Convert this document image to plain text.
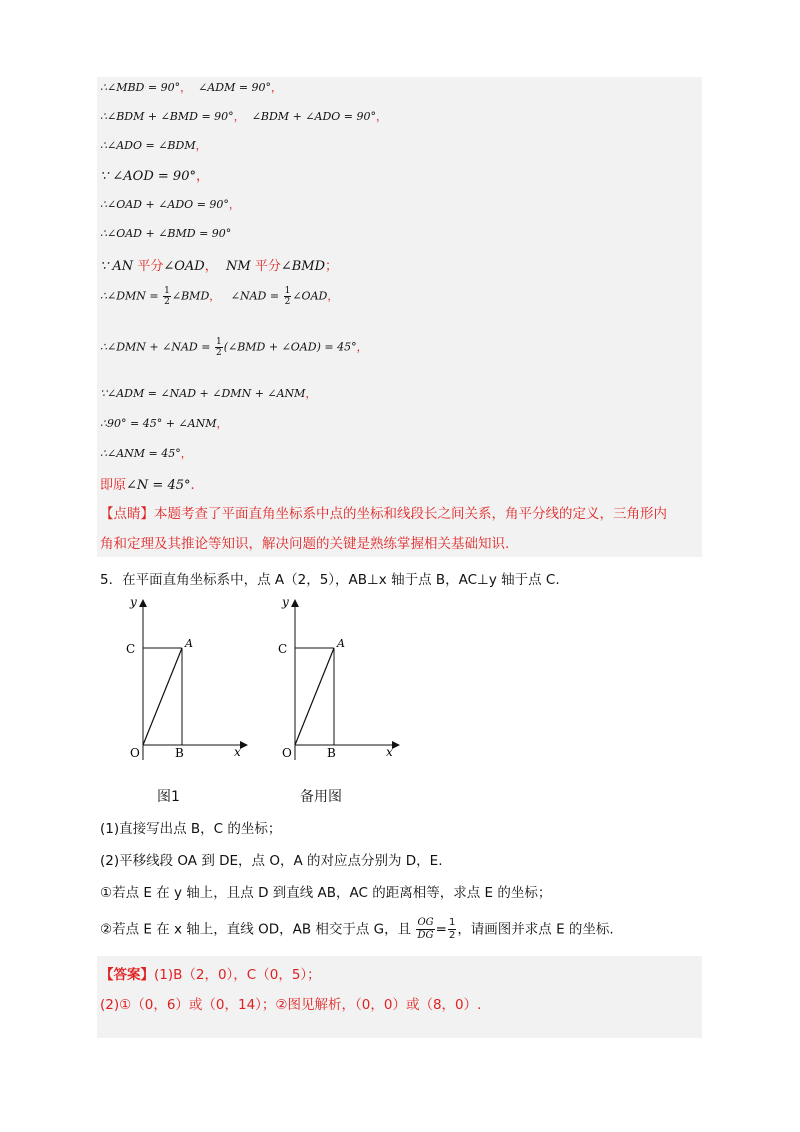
∴∠MBD = 90°， ∠ADM = 90°，
∴∠BDM + ∠BMD = 90°， ∠BDM + ∠ADO = 90°，
∴∠ADO = ∠BDM，
∵ ∠AOD = 90°，
∴∠OAD + ∠ADO = 90°，
∴∠OAD + ∠BMD = 90°
∵ AN 平分∠OAD， NM 平分∠BMD；
∴∠DMN = $\frac{1}{2}$ ∠BMD， ∠NAD = $\frac{1}{2}$ ∠OAD，
∴∠DMN + ∠NAD = $\frac{1}{2}$ (∠BMD + ∠OAD) = 45°，
∵∠ADM = ∠NAD + ∠DMN + ∠ANM，
∴90° = 45° + ∠ANM，
∴∠ANM = 45°，
即原∠N = 45°.
【点睛】本题考查了平面直角坐标系中点的坐标和线段长之间关系，角平分线的定义，三角形内
角和定理及其推论等知识，解决问题的关键是熟练掌握相关基础知识.
5．在平面直角坐标系中，点 A（2，5），AB⊥x 轴于点 B，AC⊥y 轴于点 C.
y
x
O
C	A
B
y
x
O
C	A
B
图1	备用图
(1)直接写出点 B，C 的坐标；
(2)平移线段 OA 到 DE，点 O，A 的对应点分别为 D，E.
①若点 E 在 y 轴上，且点 D 到直线 AB，AC 的距离相等，求点 E 的坐标；
②若点 E 在 x 轴上，直线 OD，AB 相交于点 G，且 $\frac{OG}{DG} = \frac{1}{2}$ ，请画图并求点 E 的坐标.
【答案】(1)B（2，0），C（0，5）；
(2)①（0，6）或（0，14）；②图见解析，（0，0）或（8，0）.
